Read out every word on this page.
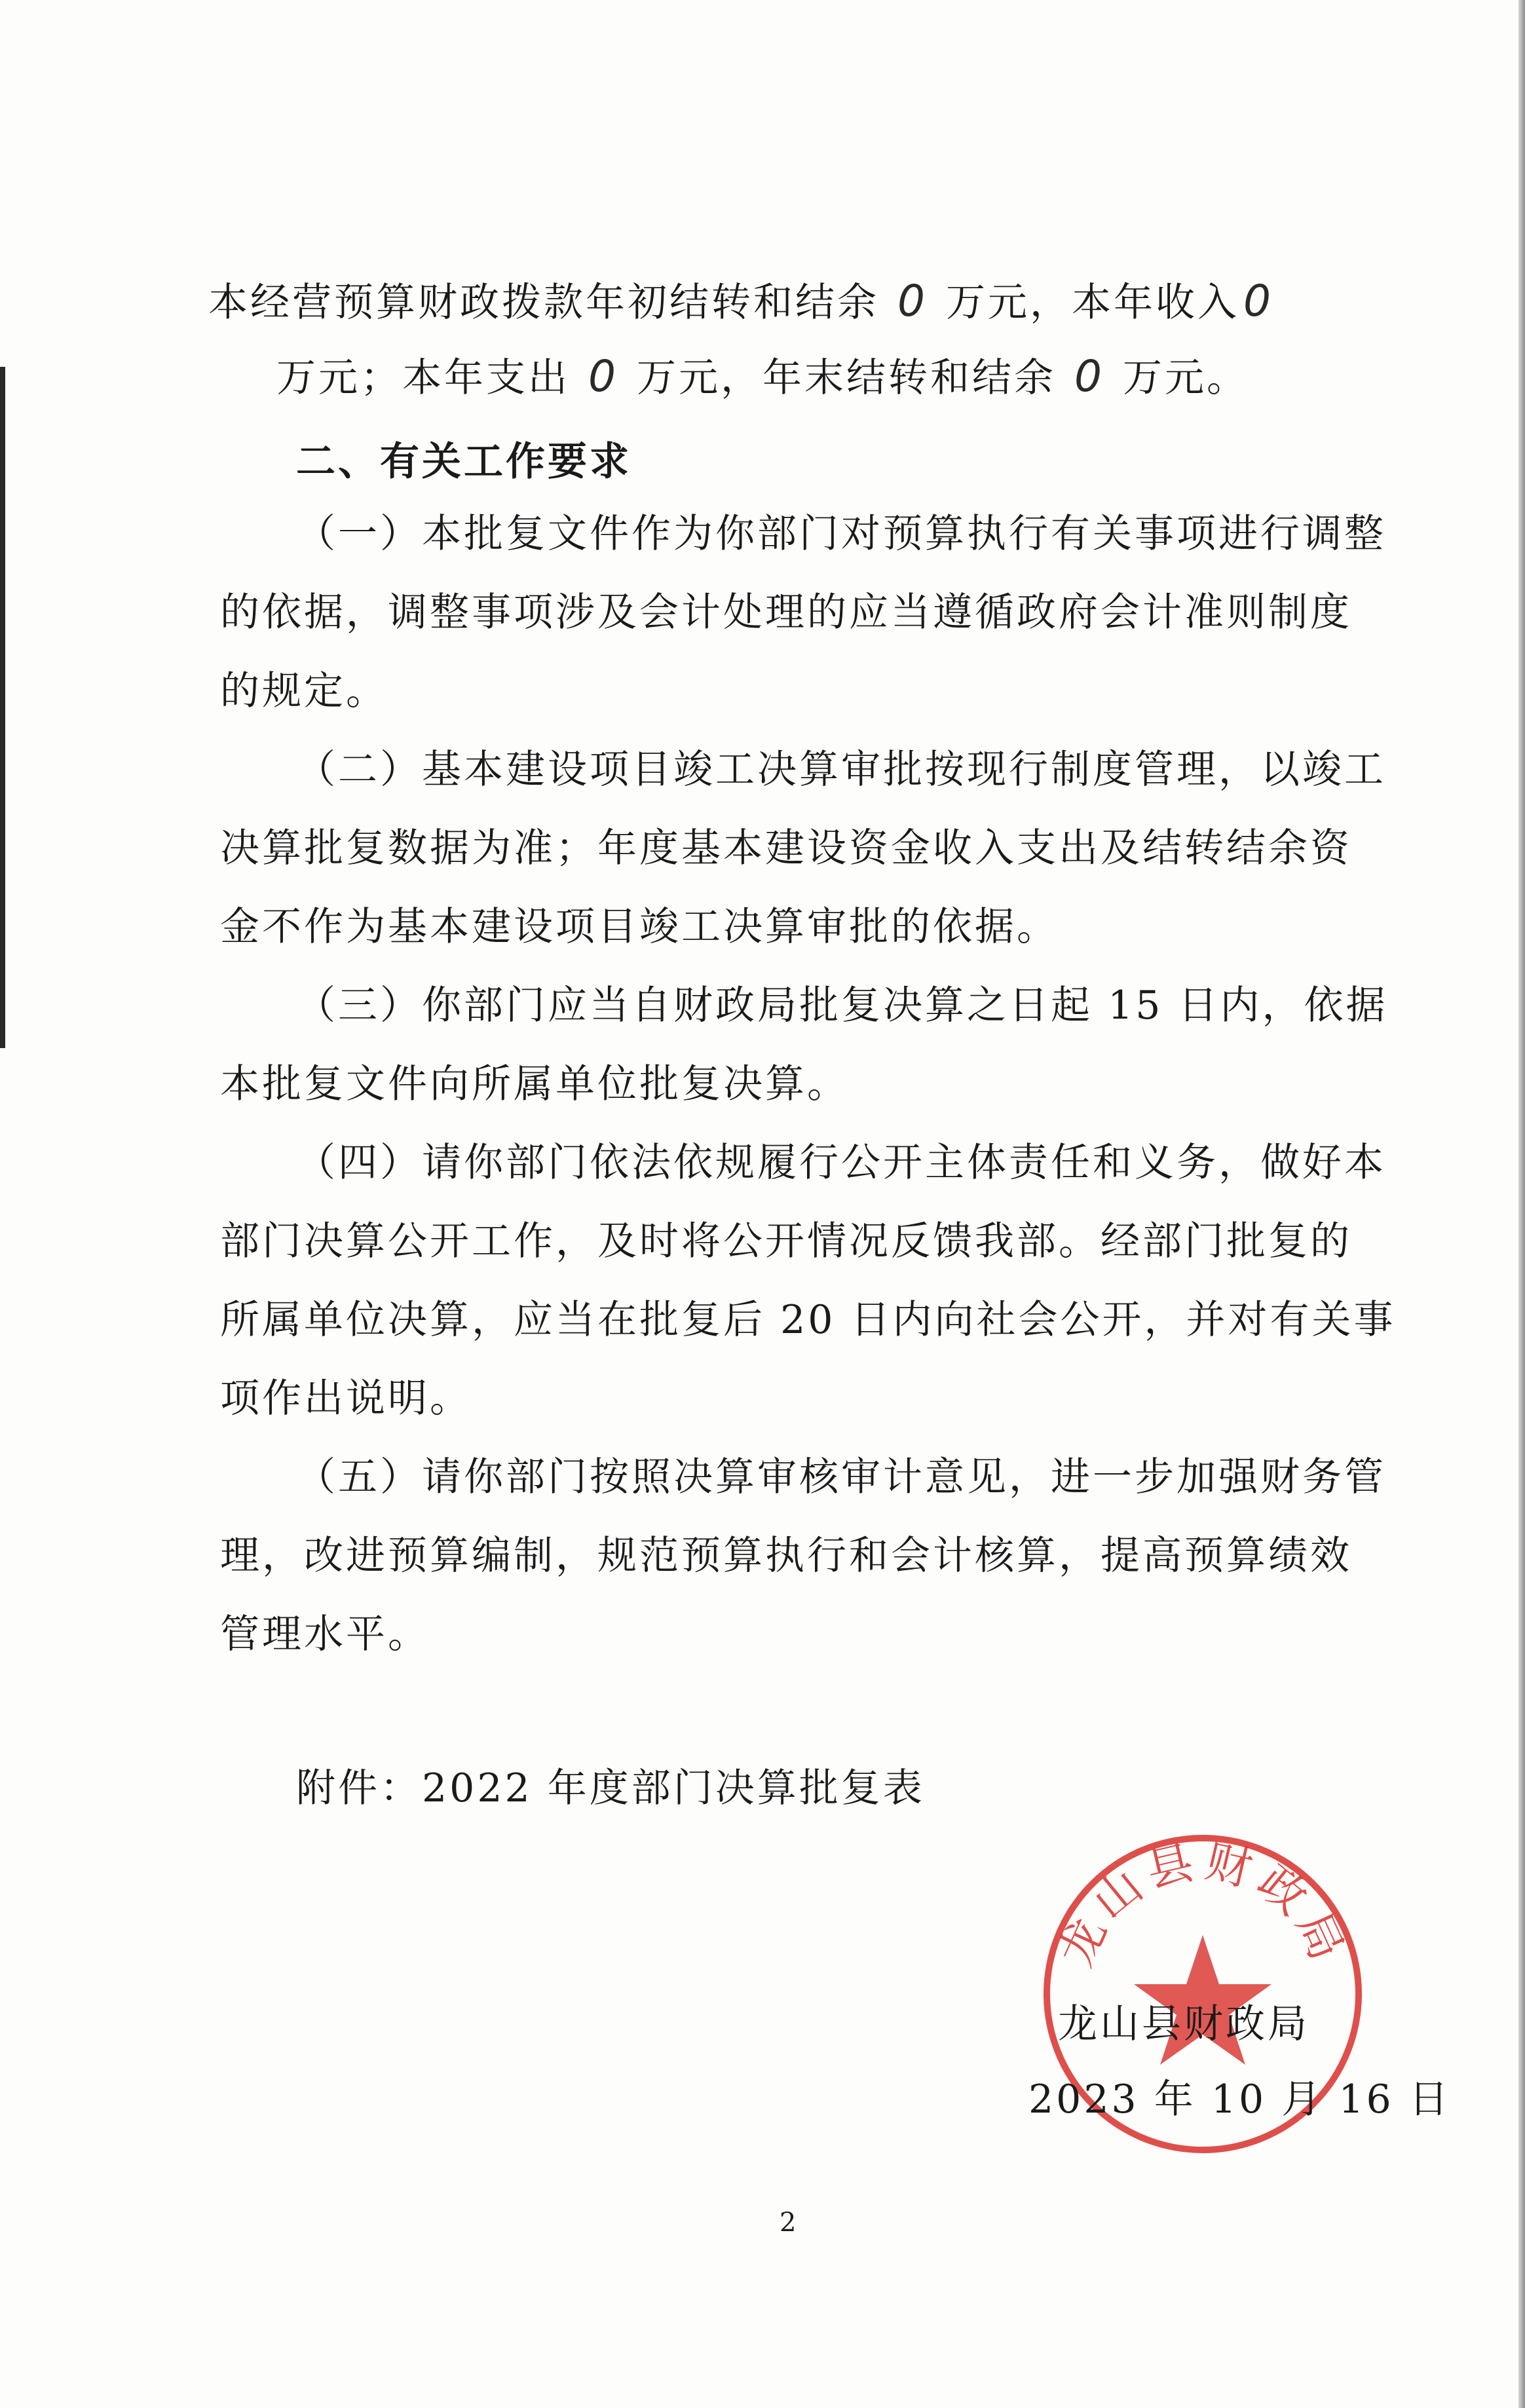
本经营预算财政拨款年初结转和结余 0 万元，本年收入0
万元；本年支出 0 万元，年末结转和结余 0 万元。
二、有关工作要求
（一）本批复文件作为你部门对预算执行有关事项进行调整
的依据，调整事项涉及会计处理的应当遵循政府会计准则制度
的规定。
（二）基本建设项目竣工决算审批按现行制度管理，以竣工
决算批复数据为准；年度基本建设资金收入支出及结转结余资
金不作为基本建设项目竣工决算审批的依据。
（三）你部门应当自财政局批复决算之日起 15 日内，依据
本批复文件向所属单位批复决算。
（四）请你部门依法依规履行公开主体责任和义务，做好本
部门决算公开工作，及时将公开情况反馈我部。经部门批复的
所属单位决算，应当在批复后 20 日内向社会公开，并对有关事
项作出说明。
（五）请你部门按照决算审核审计意见，进一步加强财务管
理，改进预算编制，规范预算执行和会计核算，提高预算绩效
管理水平。
附件：2022 年度部门决算批复表
龙山县财政局
龙山县财政局
2023 年 10 月 16 日
2
